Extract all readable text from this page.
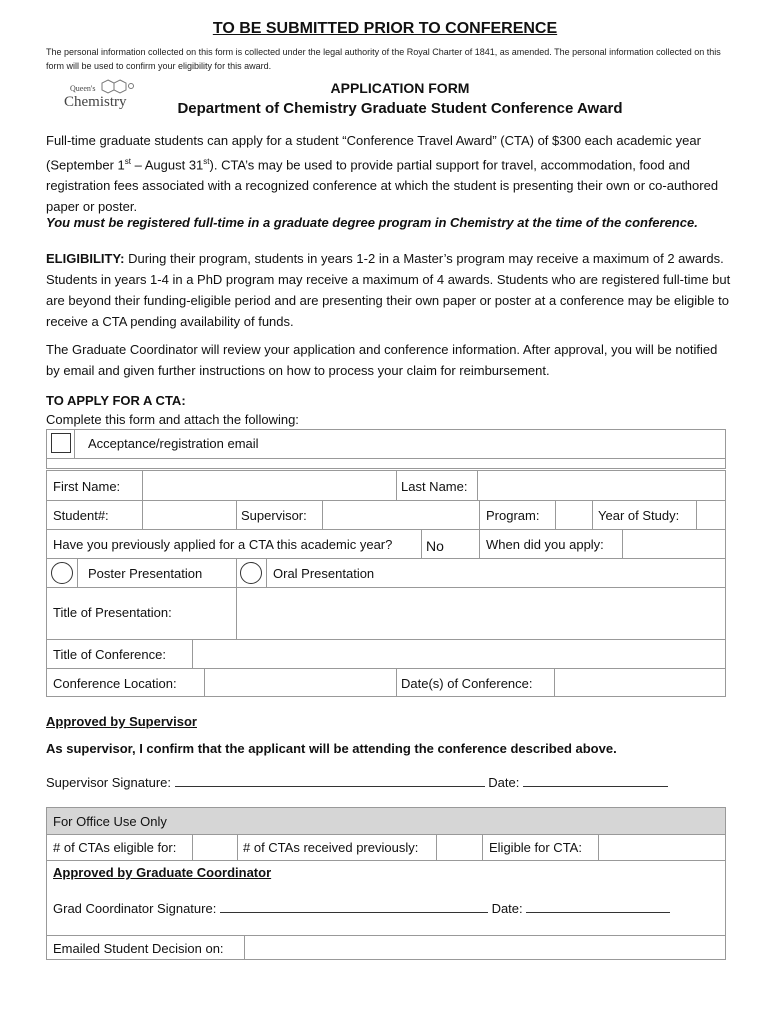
TO BE SUBMITTED PRIOR TO CONFERENCE
The personal information collected on this form is collected under the legal authority of the Royal Charter of 1841, as amended. The personal information collected on this form will be used to confirm your eligibility for this award.
Queen's
Chemistry
APPLICATION FORM
Department of Chemistry Graduate Student Conference Award
Full-time graduate students can apply for a student “Conference Travel Award” (CTA) of $300 each academic year (September 1st – August 31st). CTA’s may be used to provide partial support for travel, accommodation, food and registration fees associated with a recognized conference at which the student is presenting their own or co-authored paper or poster.
You must be registered full-time in a graduate degree program in Chemistry at the time of the conference.
ELIGIBILITY: During their program, students in years 1-2 in a Master’s program may receive a maximum of 2 awards. Students in years 1-4 in a PhD program may receive a maximum of 4 awards. Students who are registered full-time but are beyond their funding-eligible period and are presenting their own paper or poster at a conference may be eligible to receive a CTA pending availability of funds.
The Graduate Coordinator will review your application and conference information. After approval, you will be notified by email and given further instructions on how to process your claim for reimbursement.
TO APPLY FOR A CTA:
Complete this form and attach the following:
Acceptance/registration email
First Name:	Last Name:
Student#:	Supervisor:	Program:	Year of Study:
Have you previously applied for a CTA this academic year? No	When did you apply:
Poster Presentation	Oral Presentation
Title of Presentation:
Title of Conference:
Conference Location:	Date(s) of Conference:
Approved by Supervisor
As supervisor, I confirm that the applicant will be attending the conference described above.
Supervisor Signature:	Date:
For Office Use Only
# of CTAs eligible for:	# of CTAs received previously:	Eligible for CTA:
Approved by Graduate Coordinator
Grad Coordinator Signature:	Date:
Emailed Student Decision on:
